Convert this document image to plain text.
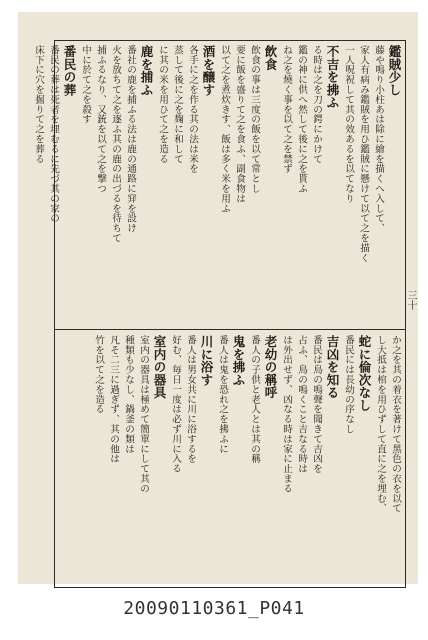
鑑賊少し
藤や鳴り小柱あは除に繪を描くへ入して、
家人有病み鑑賊を用ひ鑑賊に懸けて以て之を描く
一人呪祝して其の效あるを以てなり
不吉を拂ふ
る時は之を刀の鍔にかけて
鑑の神に供へ然して後に之を貰ふ
ね之を燒く事を以て之を禁ず
飲食
飲食の事は三度の飯を以て常とし
要に飯を盛りて之を食ふ、副食物は
以て之を煮炊きす、飯は多く米を用ふ
酒を醸す
各手に之を作る其の法は米を
蒸して後に之を麹に和して
に其の米を用ひて之を造る
鹿を捕ふ
番社の鹿を捕ふる法は鹿の通路に穽を設け
火を放ちて之を逐ふ其の鹿の出づるを待ちて
捕ふるなり、又銃を以て之を撃つ
中に於て之を殺す
番民の葬
番民の葬は死者を埋むるに先づ其の家の
床下に穴を掘りて之を葬る
か之を其の着衣を著けて黑色の衣を以て
し大抵は棺を用ひずして直に之を埋む、
蛇に倫次なし
番民には長幼の序なし
吉凶を知る
番民は鳥の鳴聲を聞きて吉凶を
占ふ、鳥の鳴くこと吉なる時は
は外出せず、凶なる時は家に止まる
老幼の稱呼
番人の子供と老人とは其の稱
鬼を拂ふ
番人は鬼を恐れ之を拂ふに
川に浴す
番人は男女共に川に浴するを
好む、毎日一度は必ず川に入る
室内の器具
室内の器具は極めて簡單にして其の
種類も少なし、鍋釜の類は
凡そ二三に過ぎず、其の他は
竹を以て之を造る
三十
20090110361_P041
